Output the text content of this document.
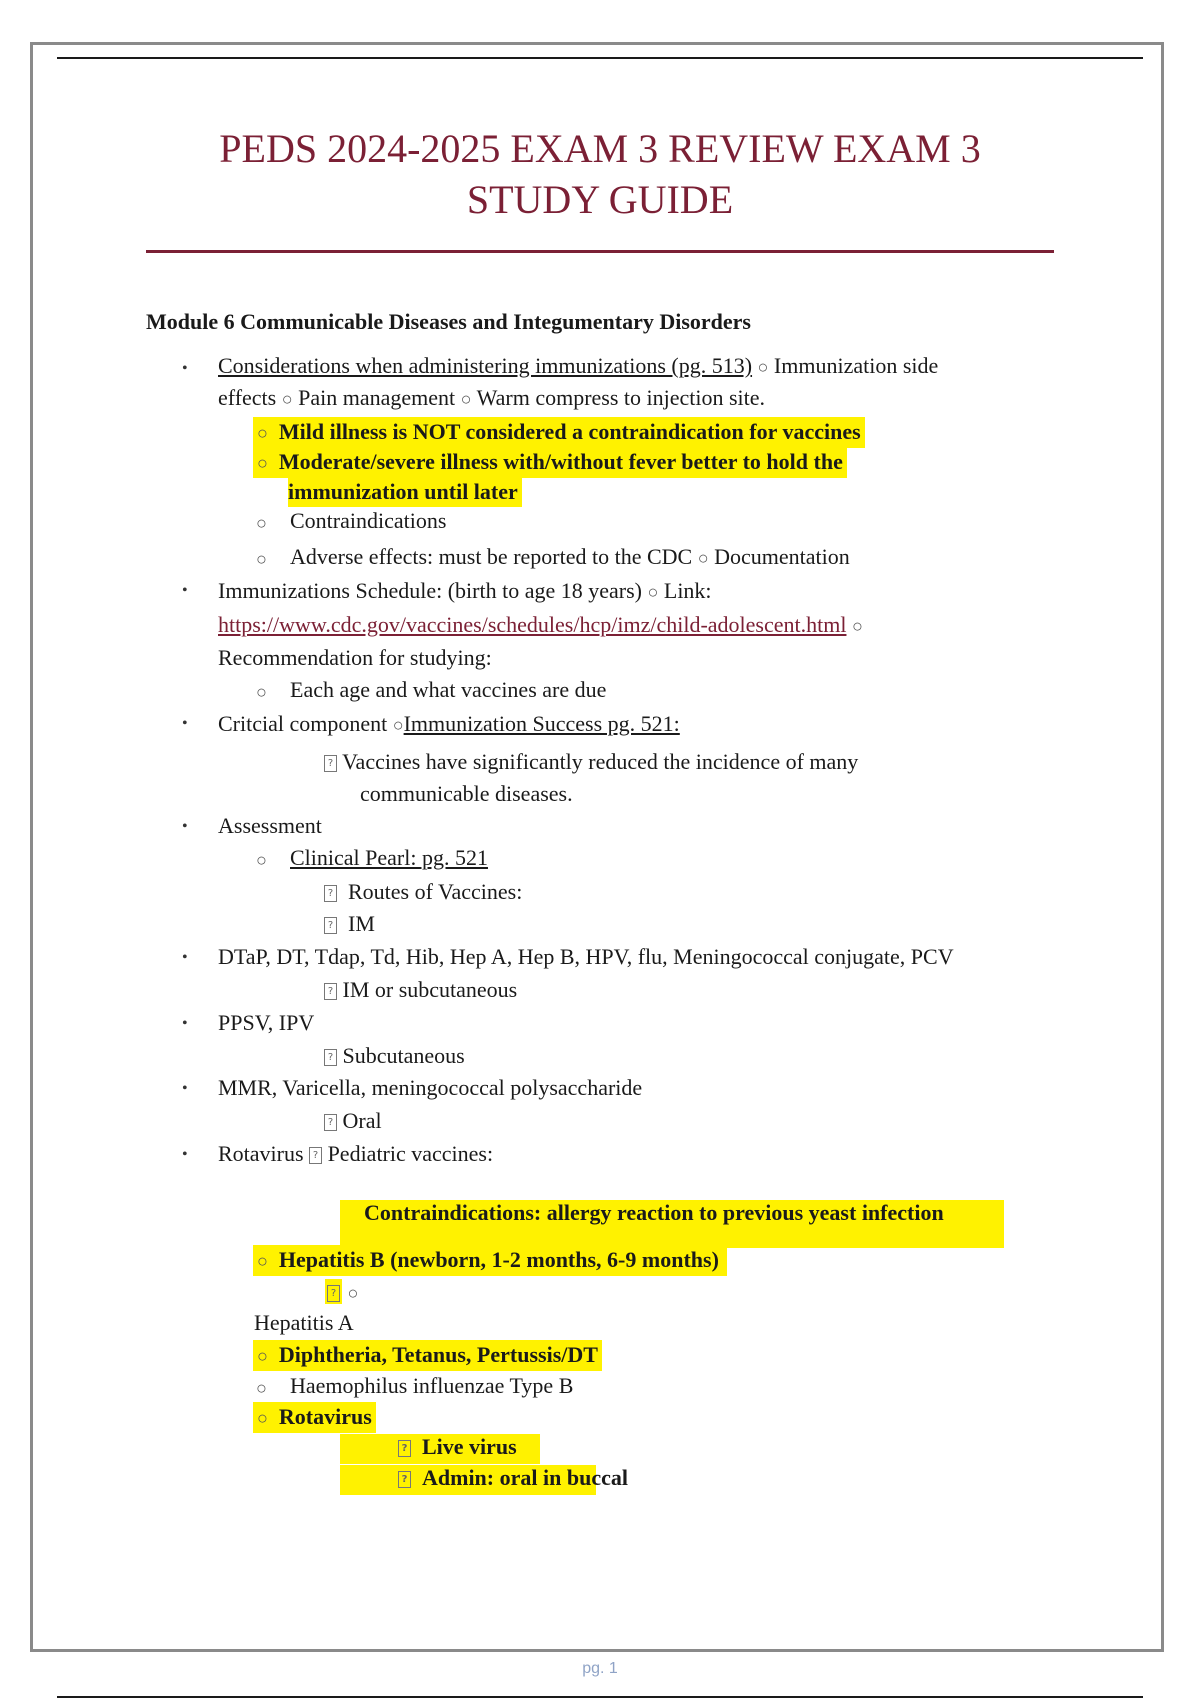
PEDS 2024-2025 EXAM 3 REVIEW EXAM 3
STUDY GUIDE
Module 6 Communicable Diseases and Integumentary Disorders
• Considerations when administering immunizations (pg. 513) ○ Immunization side
effects ○ Pain management ○ Warm compress to injection site.
○ Mild illness is NOT considered a contraindication for vaccines
○ Moderate/severe illness with/without fever better to hold the
immunization until later
○ Contraindications
○ Adverse effects: must be reported to the CDC ○ Documentation
• Immunizations Schedule: (birth to age 18 years) ○ Link:
https://www.cdc.gov/vaccines/schedules/hcp/imz/child-adolescent.html ○
Recommendation for studying:
○ Each age and what vaccines are due
• Critcial component ○Immunization Success pg. 521:
? Vaccines have significantly reduced the incidence of many
communicable diseases.
• Assessment
○ Clinical Pearl: pg. 521
? Routes of Vaccines:
? IM
• DTaP, DT, Tdap, Td, Hib, Hep A, Hep B, HPV, flu, Meningococcal conjugate, PCV
? IM or subcutaneous
• PPSV, IPV
? Subcutaneous
• MMR, Varicella, meningococcal polysaccharide
? Oral
• Rotavirus ? Pediatric vaccines:
Contraindications: allergy reaction to previous yeast infection
○ Hepatitis B (newborn, 1-2 months, 6-9 months)
? ○
Hepatitis A
○ Diphtheria, Tetanus, Pertussis/DT
○ Haemophilus influenzae Type B
○ Rotavirus
? Live virus
? Admin: oral in buccal
pg. 1
